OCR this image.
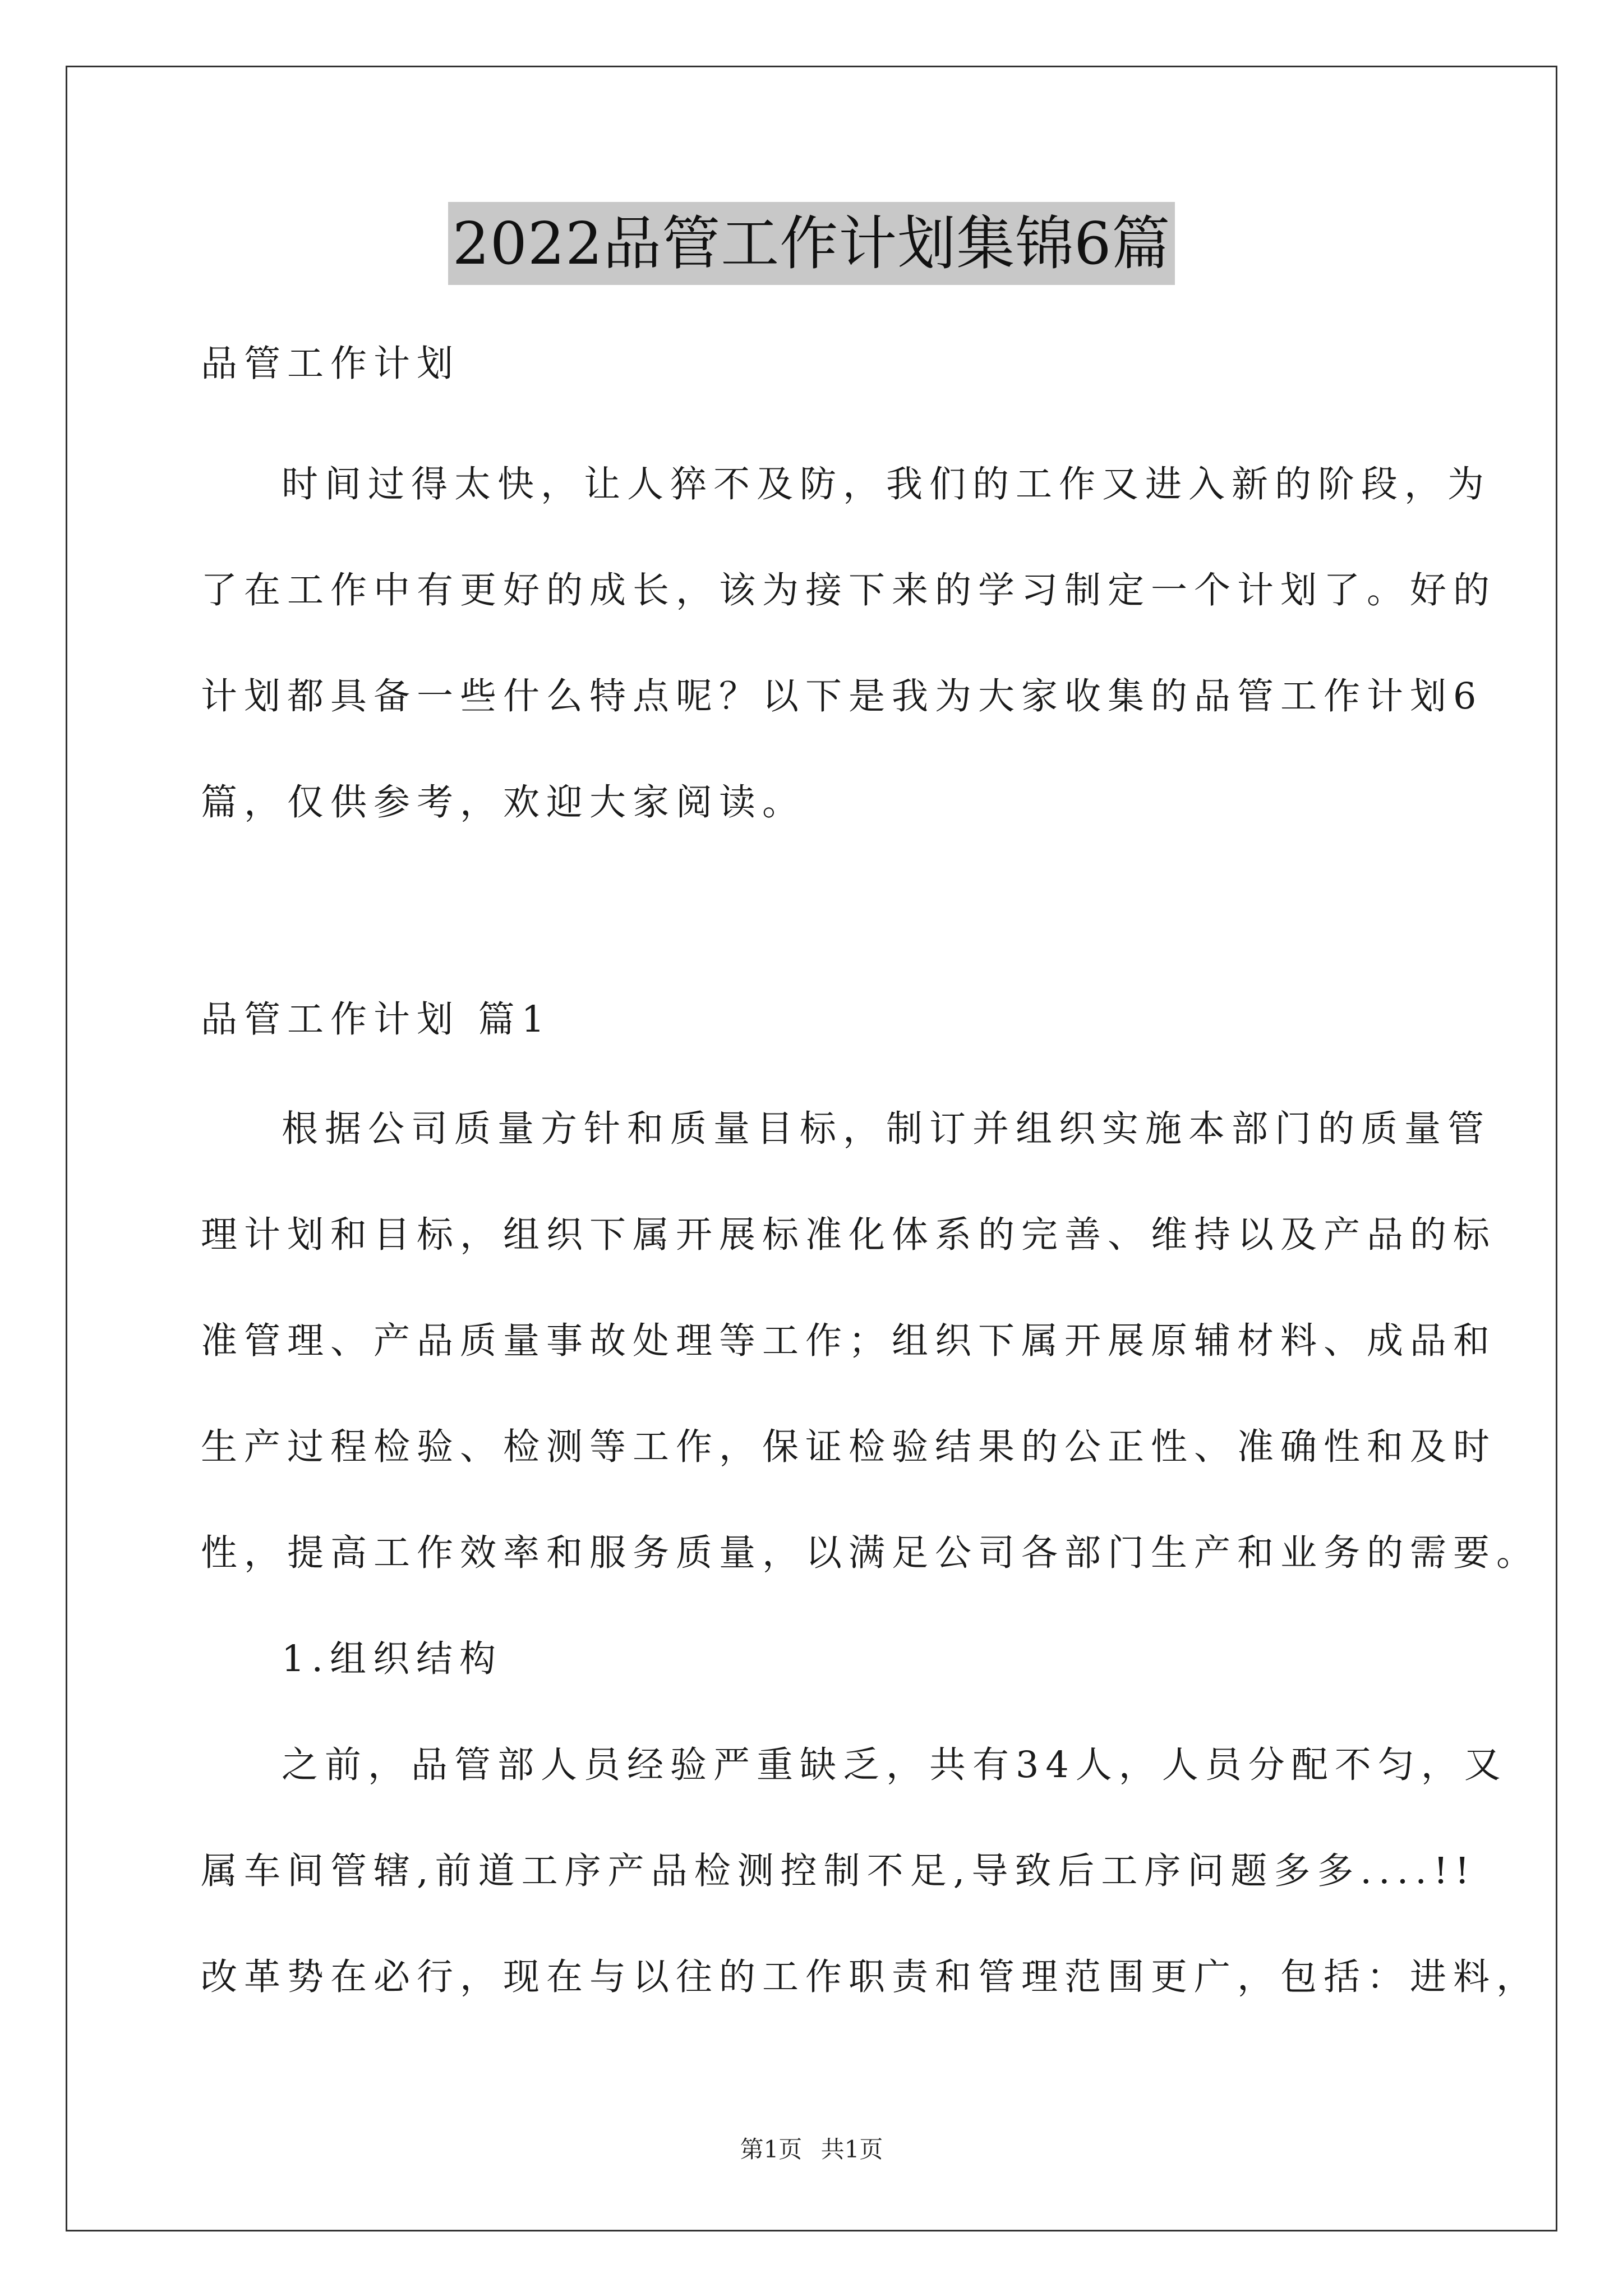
2022品管工作计划集锦6篇
品管工作计划
时间过得太快，让人猝不及防，我们的工作又进入新的阶段，为
了在工作中有更好的成长，该为接下来的学习制定一个计划了。好的
计划都具备一些什么特点呢？以下是我为大家收集的品管工作计划6
篇，仅供参考，欢迎大家阅读。
品管工作计划 篇1
根据公司质量方针和质量目标，制订并组织实施本部门的质量管
理计划和目标，组织下属开展标准化体系的完善、维持以及产品的标
准管理、产品质量事故处理等工作；组织下属开展原辅材料、成品和
生产过程检验、检测等工作，保证检验结果的公正性、准确性和及时
性，提高工作效率和服务质量，以满足公司各部门生产和业务的需要。
1.组织结构
之前，品管部人员经验严重缺乏，共有34人，人员分配不匀，又
属车间管辖,前道工序产品检测控制不足,导致后工序问题多多....!!
改革势在必行，现在与以往的工作职责和管理范围更广，包括：进料，
第1页 共1页
